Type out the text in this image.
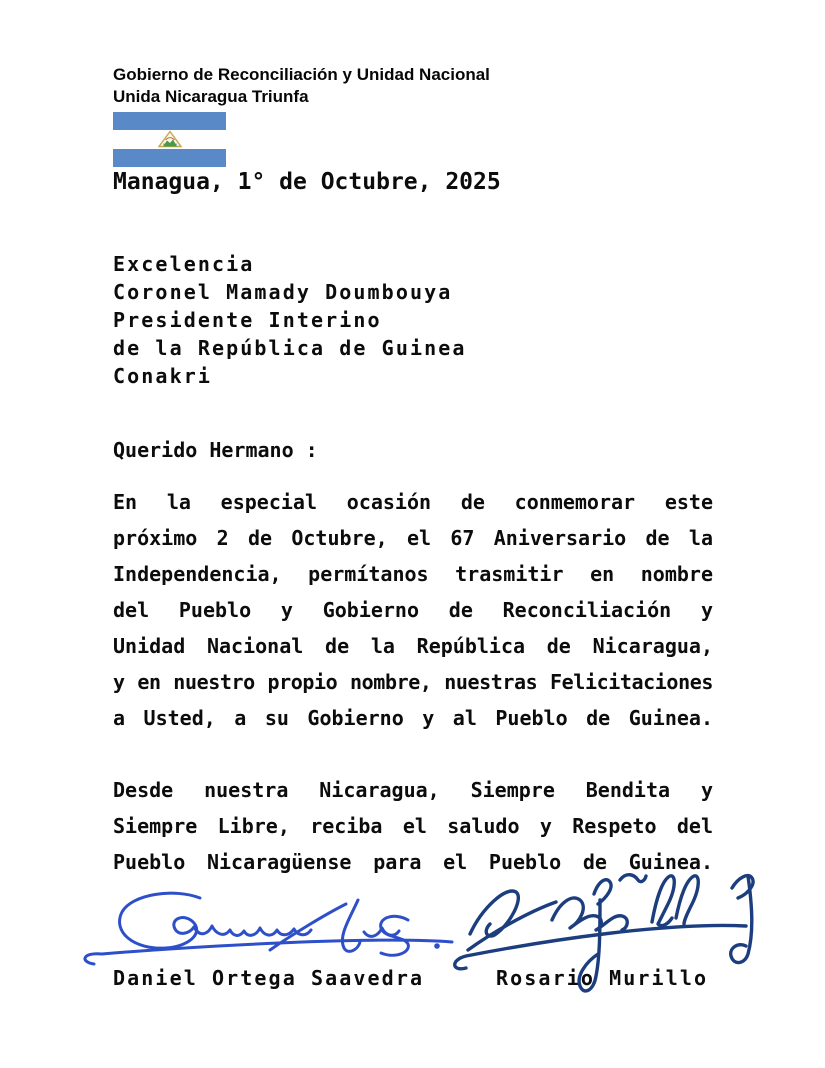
Gobierno de Reconciliación y Unidad Nacional
Unida Nicaragua Triunfa
Managua, 1° de Octubre, 2025
Excelencia
Coronel Mamady Doumbouya
Presidente Interino
de la República de Guinea
Conakri
Querido Hermano :
En la especial ocasión de conmemorar este
próximo 2 de Octubre, el 67 Aniversario de la
Independencia, permítanos trasmitir en nombre
del Pueblo y Gobierno de Reconciliación y
Unidad Nacional de la República de Nicaragua,
y en nuestro propio nombre, nuestras Felicitaciones
a Usted, a su Gobierno y al Pueblo de Guinea.
Desde nuestra Nicaragua, Siempre Bendita y
Siempre Libre, reciba el saludo y Respeto del
Pueblo Nicaragüense para el Pueblo de Guinea.
Daniel Ortega Saavedra	Rosario Murillo
